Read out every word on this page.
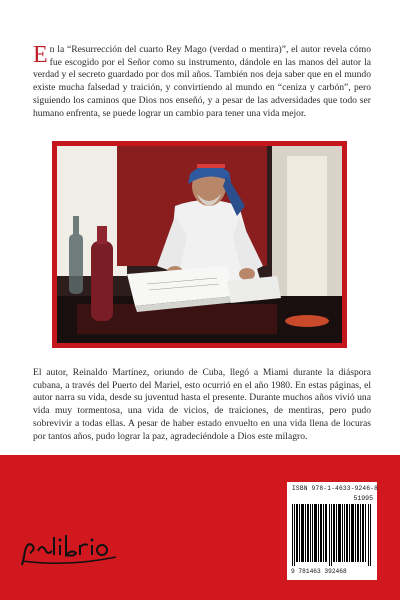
En la “Resurrección del cuarto Rey Mago (verdad o mentira)”, el autor revela cómo fue escogido por el Señor como su instrumento, dándole en las manos del autor la verdad y el secreto guardado por dos mil años. También nos deja saber que en el mundo existe mucha falsedad y traición, y convirtiendo al mundo en “ceniza y carbón”, pero siguiendo los caminos que Dios nos enseñó, y a pesar de las adversidades que todo ser humano enfrenta, se puede lograr un cambio para tener una vida mejor.

El autor, Reinaldo Martínez, oriundo de Cuba, llegó a Miami durante la diáspora cubana, a través del Puerto del Mariel, esto ocurrió en el año 1980. En estas páginas, el autor narra su vida, desde su juventud hasta el presente. Durante muchos años vivió una vida muy tormentosa, una vida de vicios, de traiciones, de mentiras, pero pudo sobrevivir a todas ellas. A pesar de haber estado envuelto en una vida llena de locuras por tantos años, pudo lograr la paz, agradeciéndole a Dios este milagro.

ISBN 978-1-4633-9246-8
51995
9 781463 392468
